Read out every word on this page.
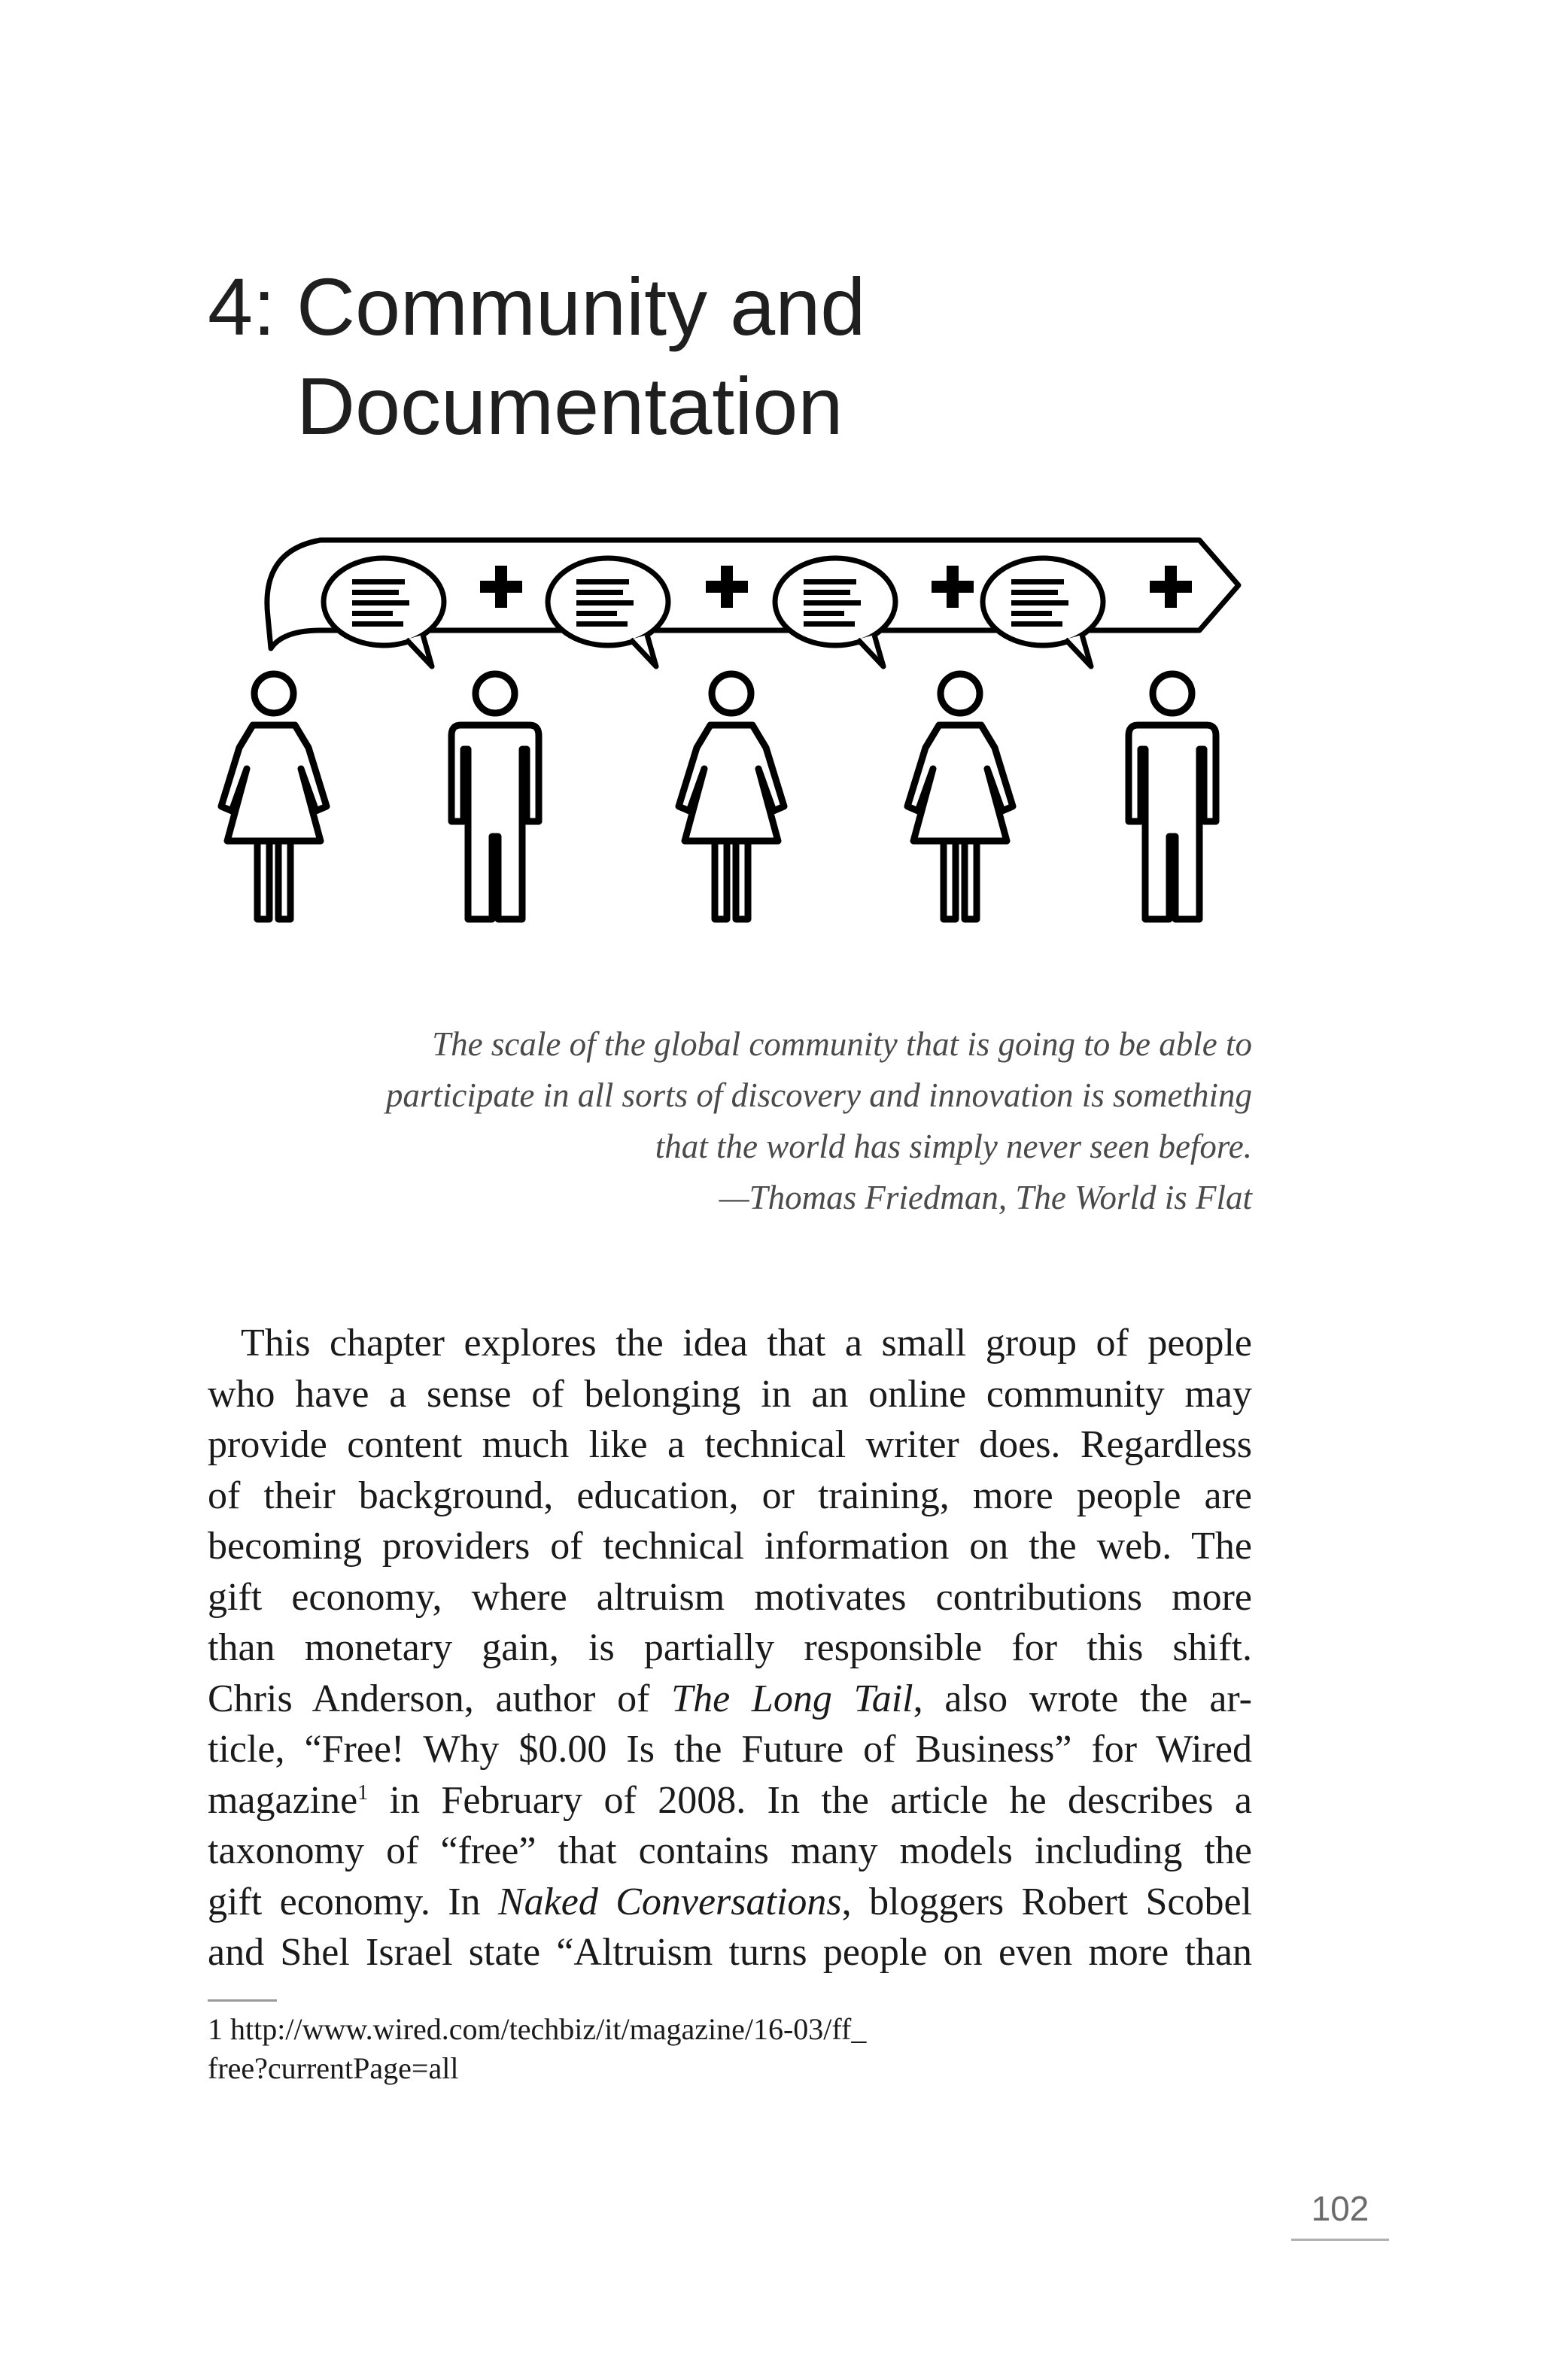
4: Community and
Documentation
The scale of the global community that is going to be able to
participate in all sorts of discovery and innovation is something
that the world has simply never seen before.
—Thomas Friedman, The World is Flat
This chapter explores the idea that a small group of people
who have a sense of belonging in an online community may
provide content much like a technical writer does. Regardless
of their background, education, or training, more people are
becoming providers of technical information on the web. The
gift economy, where altruism motivates contributions more
than monetary gain, is partially responsible for this shift.
Chris Anderson, author of The Long Tail, also wrote the ar-
ticle, “Free! Why $0.00 Is the Future of Business” for Wired
magazine$^1$ in February of 2008. In the article he describes a
taxonomy of “free” that contains many models including the
gift economy. In Naked Conversations, bloggers Robert Scobel
and Shel Israel state “Altruism turns people on even more than
1 http://www.wired.com/techbiz/it/magazine/16-03/ff_
free?currentPage=all
102
